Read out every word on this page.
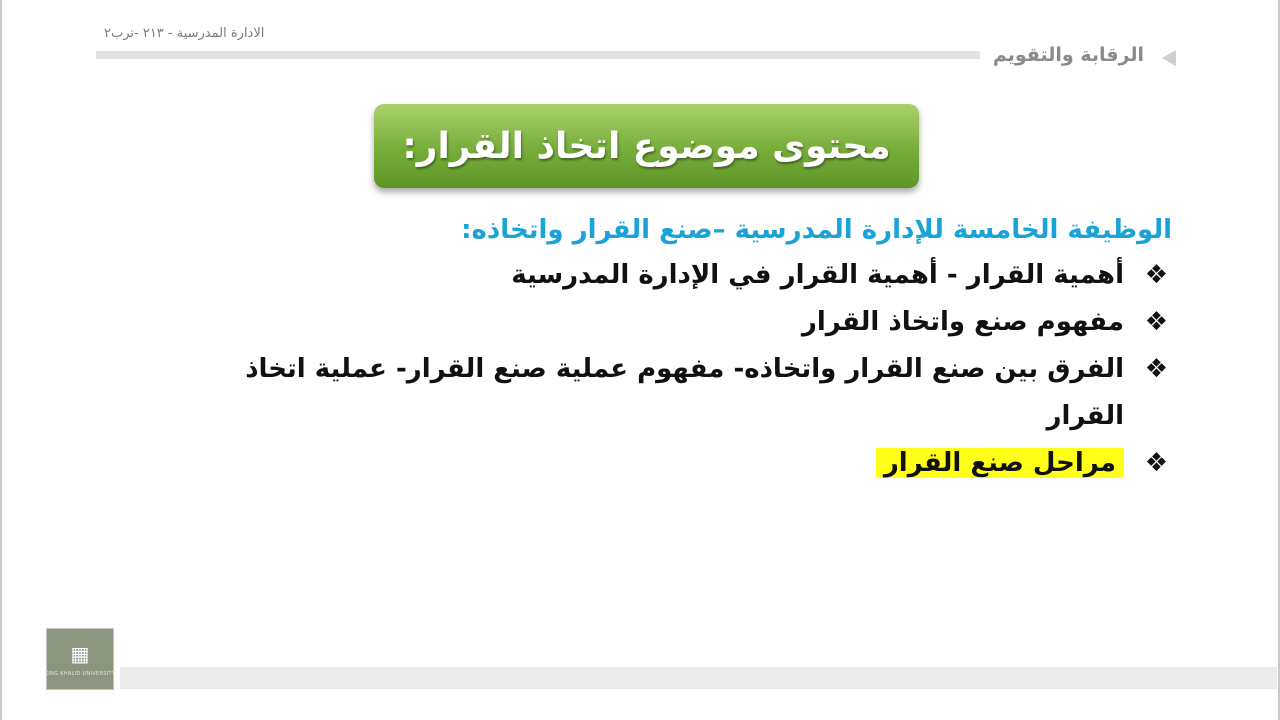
الادارة المدرسية - ٢١٣ -ترب٢
الرقابة والتقويم
محتوى موضوع اتخاذ القرار:
الوظيفة الخامسة للإدارة المدرسية –صنع القرار واتخاذه:
❖
أهمية القرار - أهمية القرار في الإدارة المدرسية
❖
مفهوم صنع واتخاذ القرار
❖
الفرق بين صنع القرار واتخاذه- مفهوم عملية صنع القرار- عملية اتخاذ القرار
❖
مراحل صنع القرار
▦
KING KHALID UNIVERSITY
